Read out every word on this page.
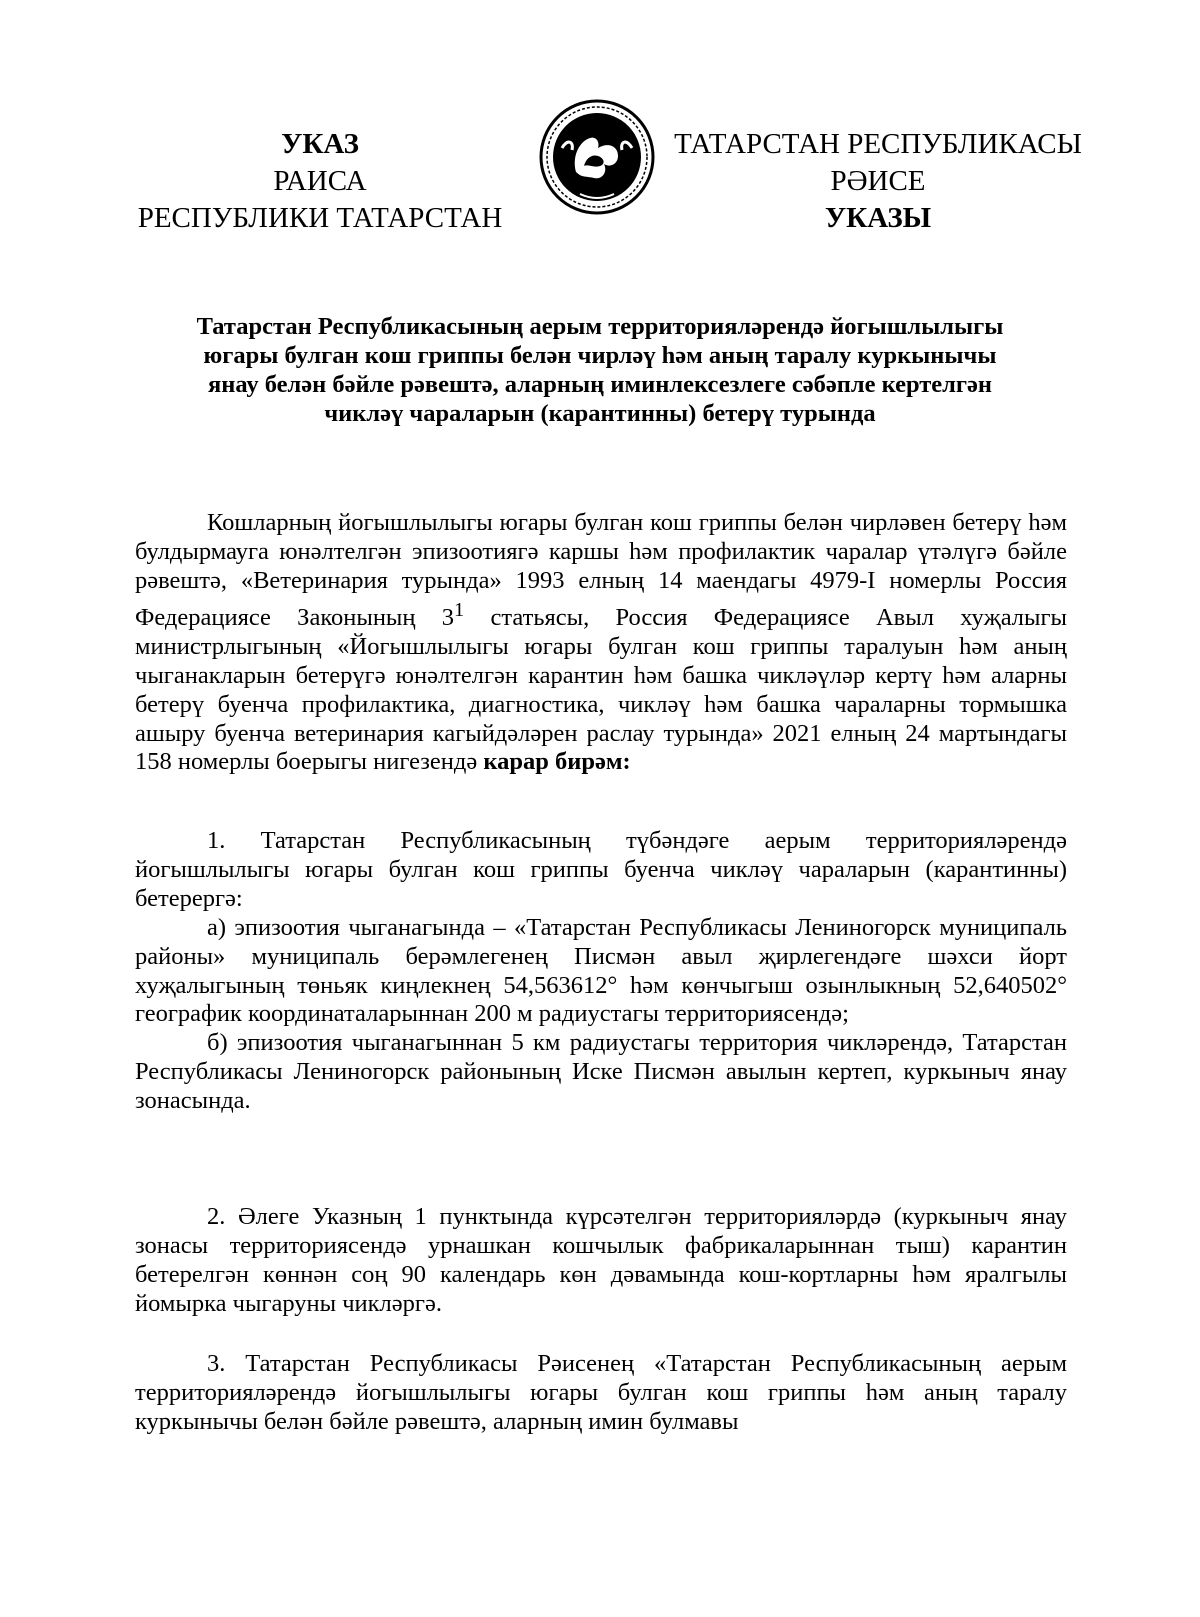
УКАЗ
РАИСА
РЕСПУБЛИКИ ТАТАРСТАН
ТАТАРСТАН РЕСПУБЛИКАСЫ
РӘИСЕ
УКАЗЫ
Татарстан Республикасының аерым территорияләрендә йогышлылыгы
югары булган кош гриппы белән чирләү һәм аның таралу куркынычы
янау белән бәйле рәвештә, аларның иминлексезлеге сәбәпле кертелгән
чикләү чараларын (карантинны) бетерү турында

Кошларның йогышлылыгы югары булган кош гриппы белән чирләвен бетерү һәм булдырмауга юнәлтелгән эпизоотиягә каршы һәм профилактик чаралар үтәлүгә бәйле рәвештә, «Ветеринария турында» 1993 елның 14 маендагы 4979-I номерлы Россия Федерациясе Законының $3^1$ статьясы, Россия Федерациясе Авыл хуҗалыгы министрлыгының «Йогышлылыгы югары булган кош гриппы таралуын һәм аның чыганакларын бетерүгә юнәлтелгән карантин һәм башка чикләүләр кертү һәм аларны бетерү буенча профилактика, диагностика, чикләү һәм башка чараларны тормышка ашыру буенча ветеринария кагыйдәләрен раслау турында» 2021 елның 24 мартындагы 158 номерлы боерыгы нигезендә карар бирәм:

1. Татарстан Республикасының түбәндәге аерым территорияләрендә йогышлылыгы югары булган кош гриппы буенча чикләү чараларын (карантинны) бетерергә:

а) эпизоотия чыганагында – «Татарстан Республикасы Лениногорск муниципаль районы» муниципаль берәмлегенең Писмән авыл җирлегендәге шәхси йорт хуҗалыгының төньяк киңлекнең 54,563612° һәм көнчыгыш озынлыкның 52,640502° географик координаталарыннан 200 м радиустагы территориясендә;

б) эпизоотия чыганагыннан 5 км радиустагы территория чикләрендә, Татарстан Республикасы Лениногорск районының Иске Писмән авылын кертеп, куркыныч янау зонасында.

2. Әлеге Указның 1 пунктында күрсәтелгән территорияләрдә (куркыныч янау зонасы территориясендә урнашкан кошчылык фабрикаларыннан тыш) карантин бетерелгән көннән соң 90 календарь көн дәвамында кош-кортларны һәм яралгылы йомырка чыгаруны чикләргә.

3. Татарстан Республикасы Рәисенең «Татарстан Республикасының аерым территорияләрендә йогышлылыгы югары булган кош гриппы һәм аның таралу куркынычы белән бәйле рәвештә, аларның имин булмавы
